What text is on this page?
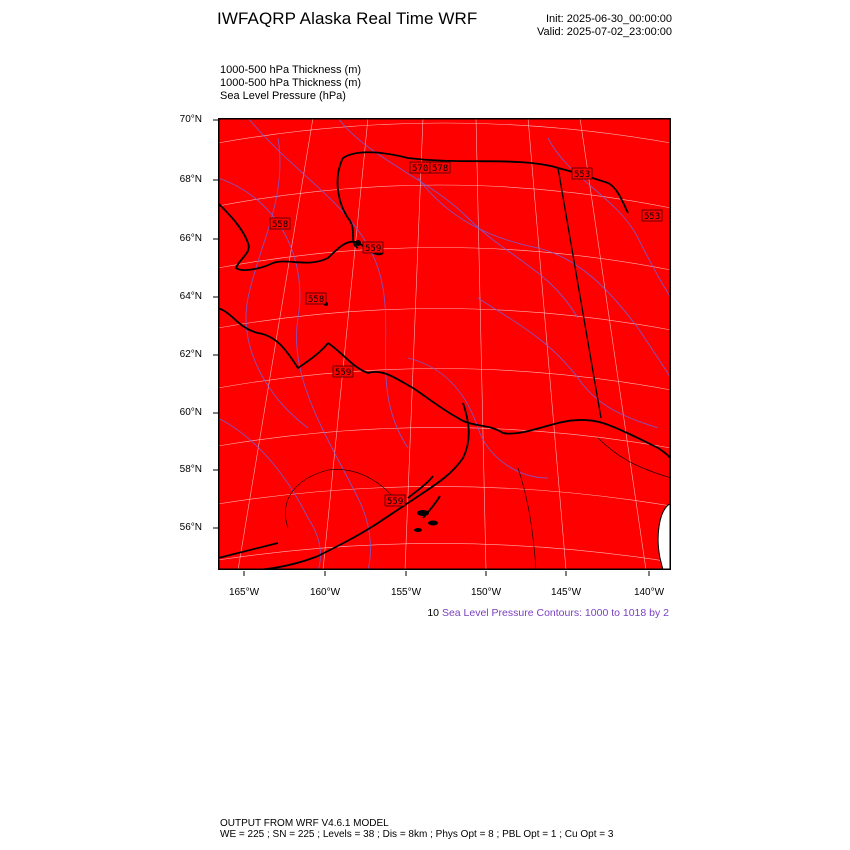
IWFAQRP Alaska Real Time WRF	Init: 2025-06-30_00:00:00
Valid: 2025-07-02_23:00:00
1000-500 hPa Thickness (m)
1000-500 hPa Thickness (m)
Sea Level Pressure (hPa)
570 578
558
559
558
559
559
553
553
70°N
68°N
66°N
64°N
62°N
60°N
58°N
56°N
165°W	160°W	155°W	150°W	145°W	140°W
10 Sea Level Pressure Contours: 1000 to 1018 by 2
OUTPUT FROM WRF V4.6.1 MODEL
WE = 225 ; SN = 225 ; Levels = 38 ; Dis = 8km ; Phys Opt = 8 ; PBL Opt = 1 ; Cu Opt = 3
